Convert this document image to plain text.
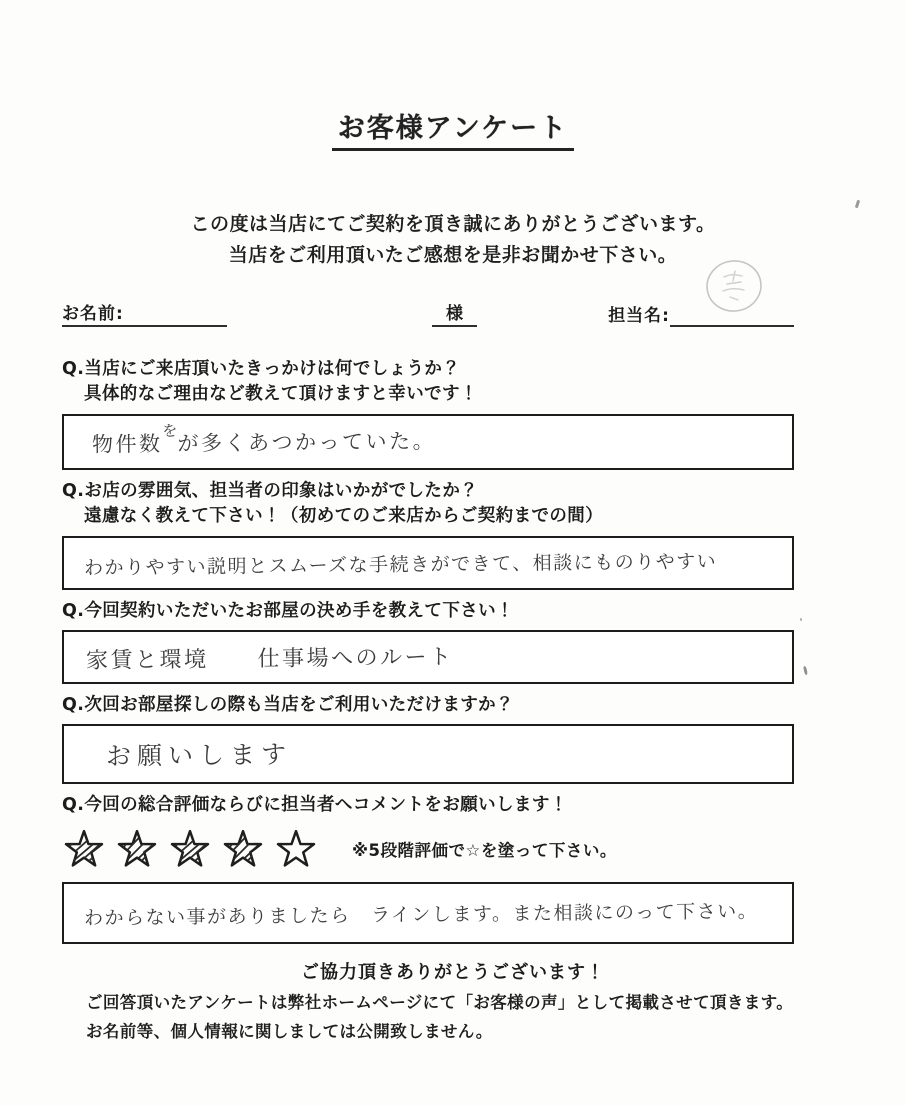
お客様アンケート
この度は当店にてご契約を頂き誠にありがとうございます。
当店をご利用頂いたご感想を是非お聞かせ下さい。
お名前:	様	担当名:
Q.当店にご来店頂いたきっかけは何でしょうか？
具体的なご理由など教えて頂けますと幸いです！
物件数をが多くあつかっていた。
Q.お店の雰囲気、担当者の印象はいかがでしたか？
遠慮なく教えて下さい！（初めてのご来店からご契約までの間）
わかりやすい説明とスムーズな手続きができて、相談にものりやすい
Q.今回契約いただいたお部屋の決め手を教えて下さい！
家賃と環境　　仕事場へのルート
Q.次回お部屋探しの際も当店をご利用いただけますか？
お願いします
Q.今回の総合評価ならびに担当者へコメントをお願いします！
※5段階評価で☆を塗って下さい。
わからない事がありましたら　ラインします。また相談にのって下さい。
ご協力頂きありがとうございます！
ご回答頂いたアンケートは弊社ホームページにて「お客様の声」として掲載させて頂きます。
お名前等、個人情報に関しましては公開致しません。
